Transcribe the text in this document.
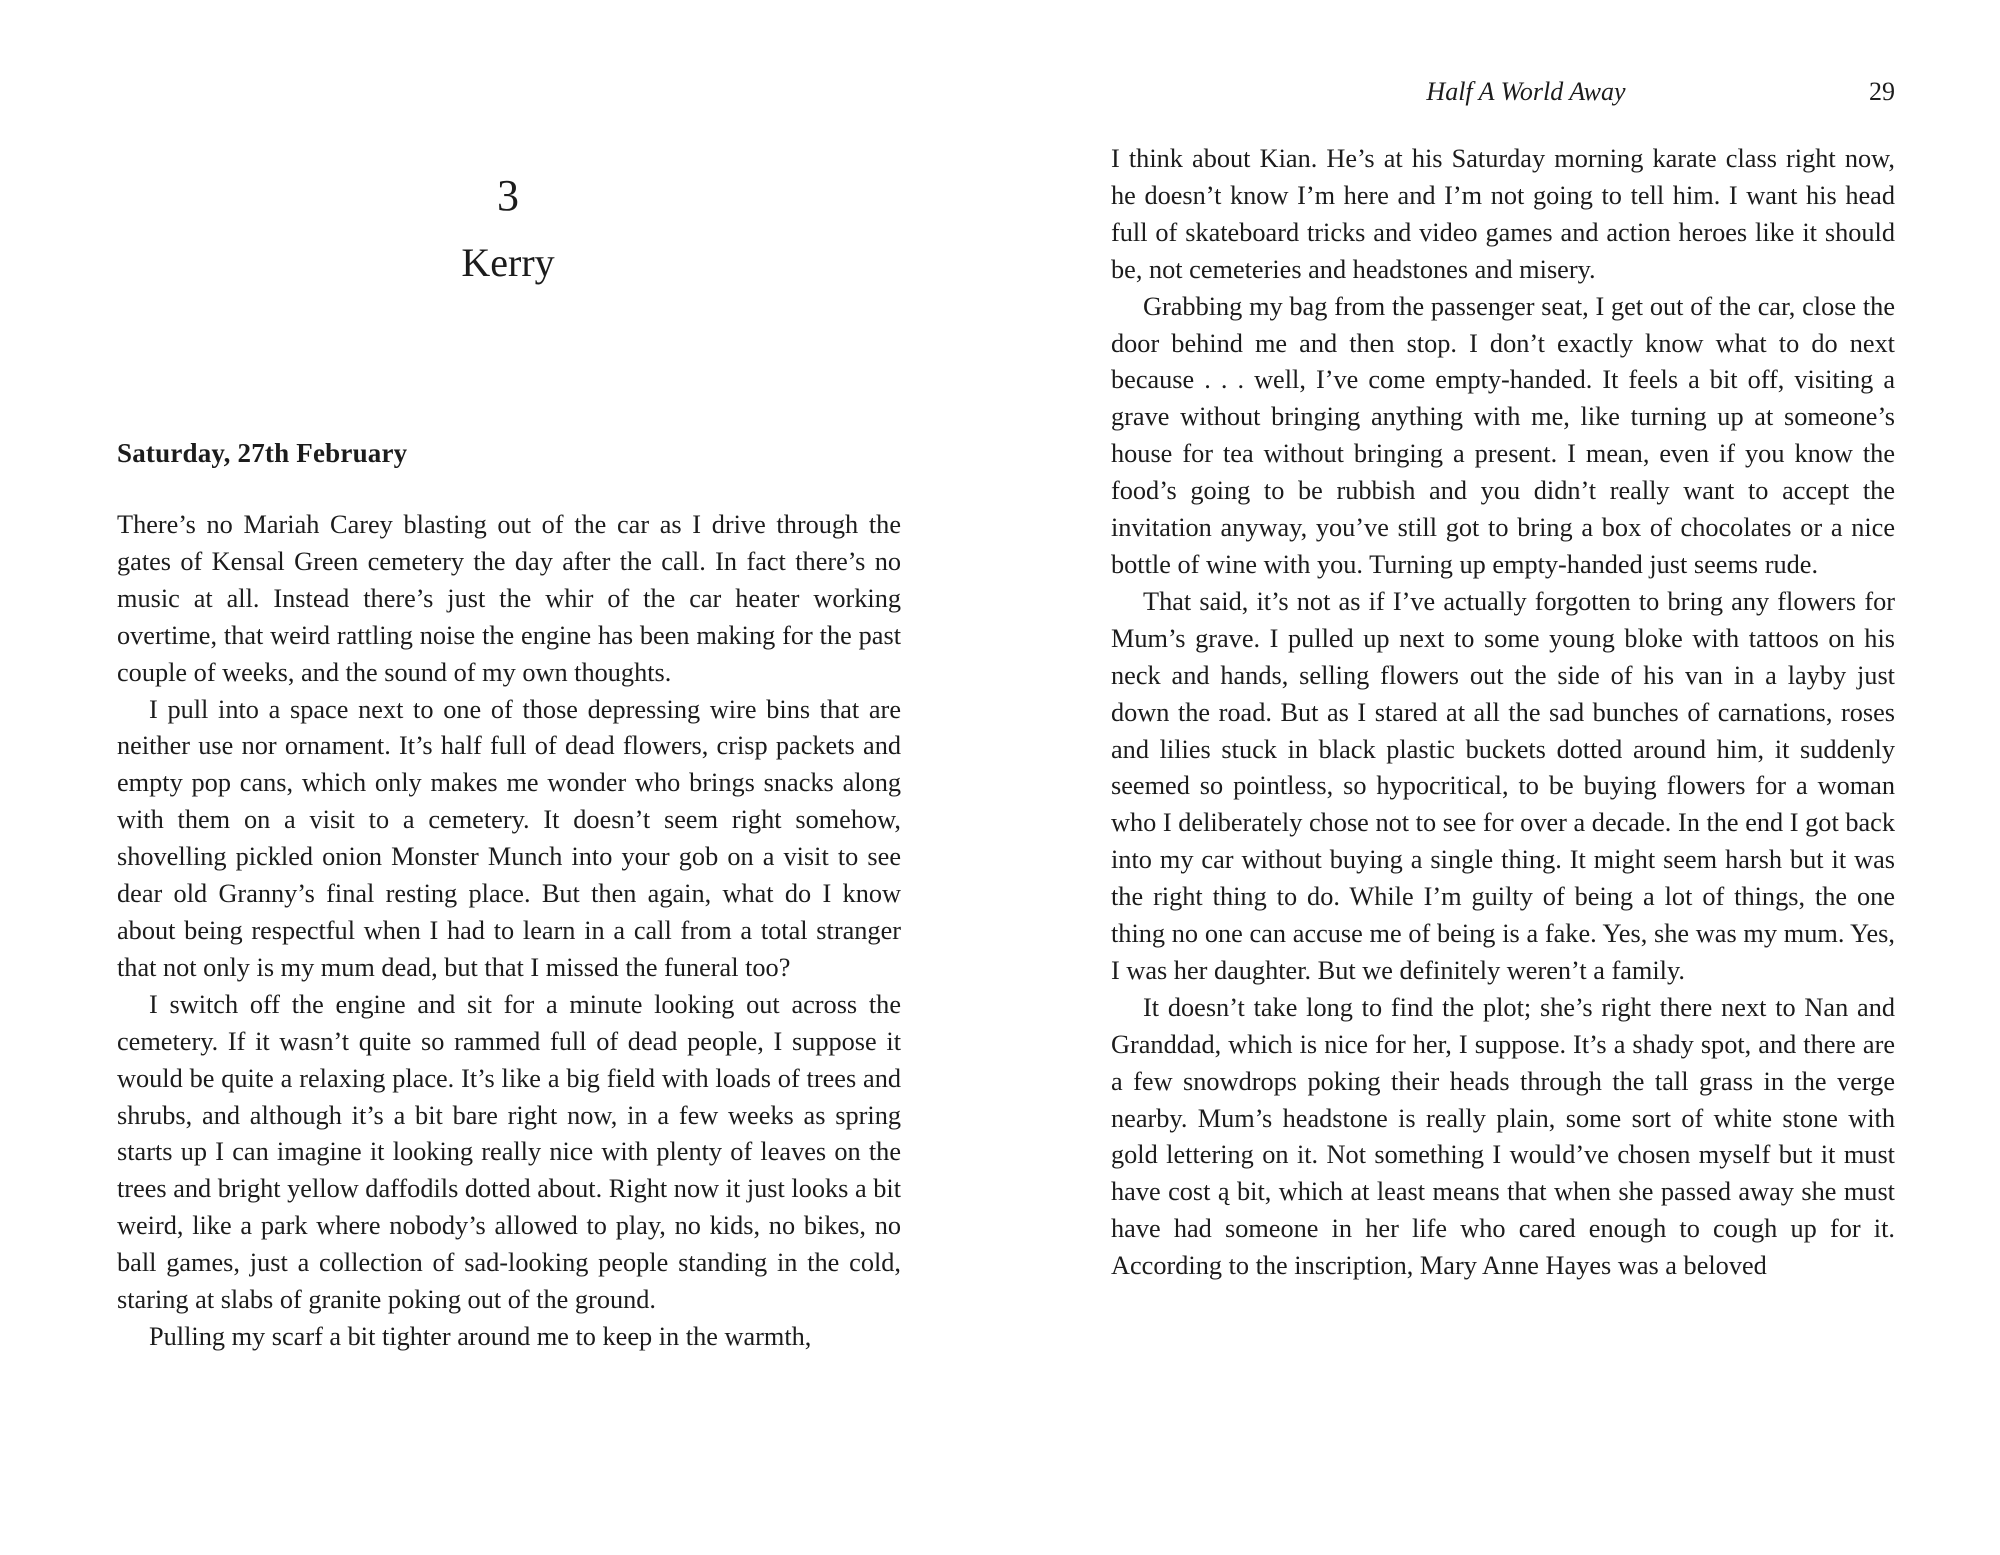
3
Kerry
Saturday, 27th February

There’s no Mariah Carey blasting out of the car as I drive through the gates of Kensal Green cemetery the day after the call. In fact there’s no music at all. Instead there’s just the whir of the car heater working overtime, that weird rattling noise the engine has been making for the past couple of weeks, and the sound of my own thoughts.

I pull into a space next to one of those depressing wire bins that are neither use nor ornament. It’s half full of dead flowers, crisp packets and empty pop cans, which only makes me wonder who brings snacks along with them on a visit to a cemetery. It doesn’t seem right somehow, shovelling pickled onion Monster Munch into your gob on a visit to see dear old Granny’s final resting place. But then again, what do I know about being respectful when I had to learn in a call from a total stranger that not only is my mum dead, but that I missed the funeral too?

I switch off the engine and sit for a minute looking out across the cemetery. If it wasn’t quite so rammed full of dead people, I suppose it would be quite a relaxing place. It’s like a big field with loads of trees and shrubs, and although it’s a bit bare right now, in a few weeks as spring starts up I can imagine it looking really nice with plenty of leaves on the trees and bright yellow daffodils dotted about. Right now it just looks a bit weird, like a park where nobody’s allowed to play, no kids, no bikes, no ball games, just a collection of sad-looking people standing in the cold, staring at slabs of granite poking out of the ground.

Pulling my scarf a bit tighter around me to keep in the warmth,

Half A World Away	29

I think about Kian. He’s at his Saturday morning karate class right now, he doesn’t know I’m here and I’m not going to tell him. I want his head full of skateboard tricks and video games and action heroes like it should be, not cemeteries and headstones and misery.

Grabbing my bag from the passenger seat, I get out of the car, close the door behind me and then stop. I don’t exactly know what to do next because . . . well, I’ve come empty-handed. It feels a bit off, visiting a grave without bringing anything with me, like turning up at someone’s house for tea without bringing a present. I mean, even if you know the food’s going to be rubbish and you didn’t really want to accept the invitation anyway, you’ve still got to bring a box of chocolates or a nice bottle of wine with you. Turning up empty-handed just seems rude.

That said, it’s not as if I’ve actually forgotten to bring any flowers for Mum’s grave. I pulled up next to some young bloke with tattoos on his neck and hands, selling flowers out the side of his van in a layby just down the road. But as I stared at all the sad bunches of carnations, roses and lilies stuck in black plastic buckets dotted around him, it suddenly seemed so pointless, so hypocritical, to be buying flowers for a woman who I deliberately chose not to see for over a decade. In the end I got back into my car without buying a single thing. It might seem harsh but it was the right thing to do. While I’m guilty of being a lot of things, the one thing no one can accuse me of being is a fake. Yes, she was my mum. Yes, I was her daughter. But we definitely weren’t a family.

It doesn’t take long to find the plot; she’s right there next to Nan and Granddad, which is nice for her, I suppose. It’s a shady spot, and there are a few snowdrops poking their heads through the tall grass in the verge nearby. Mum’s headstone is really plain, some sort of white stone with gold lettering on it. Not something I would’ve chosen myself but it must have cost ą bit, which at least means that when she passed away she must have had someone in her life who cared enough to cough up for it. According to the inscription, Mary Anne Hayes was a beloved
